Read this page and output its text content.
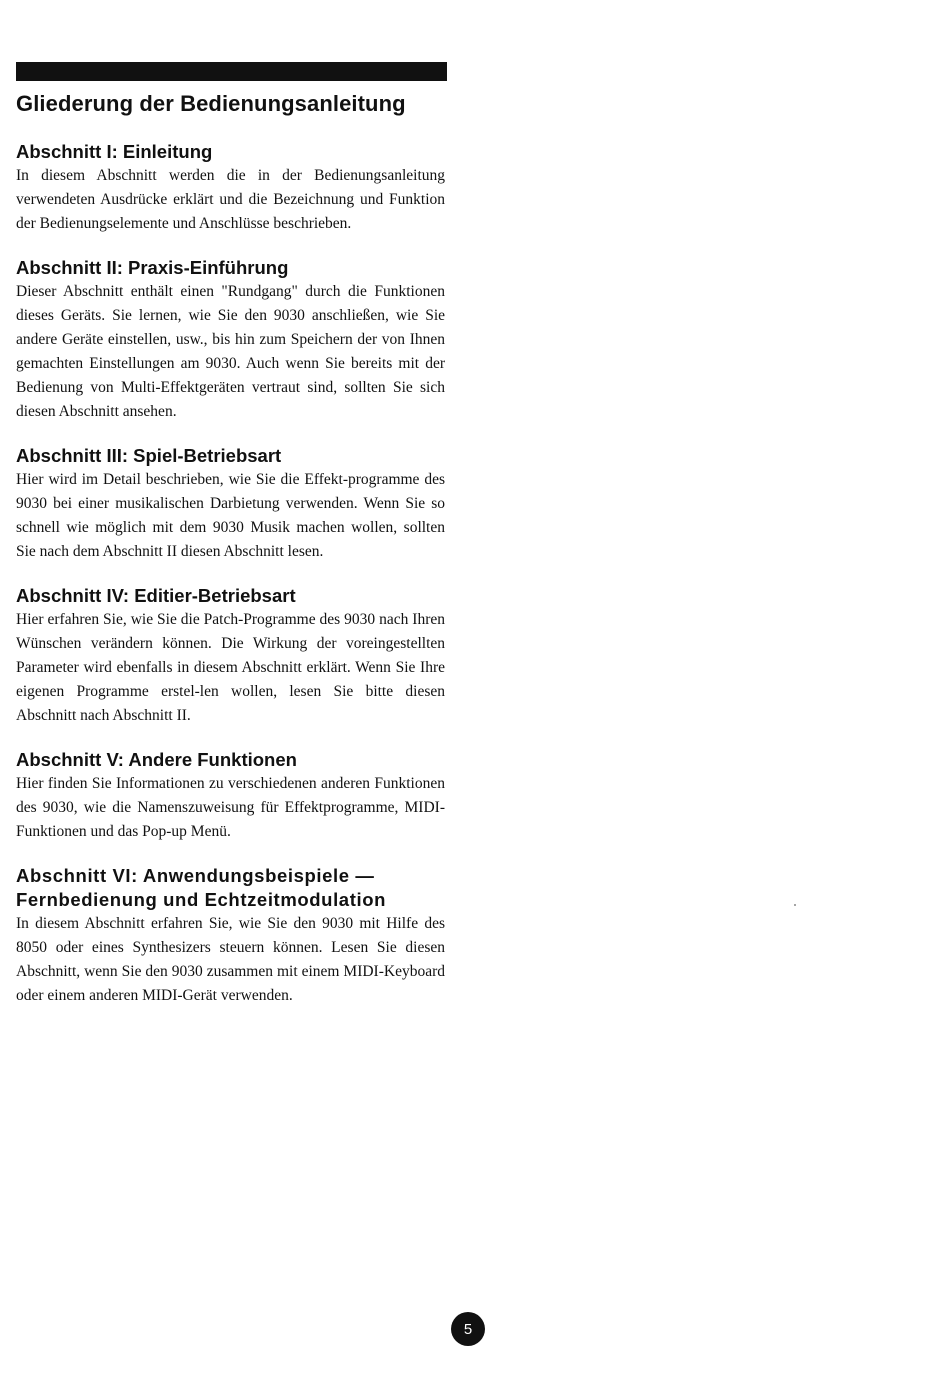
Gliederung der Bedienungsanleitung
Abschnitt I: Einleitung

In diesem Abschnitt werden die in der Bedienungsanleitung verwendeten Ausdrücke erklärt und die Bezeichnung und Funktion der Bedienungselemente und Anschlüsse beschrieben.

Abschnitt II: Praxis-Einführung

Dieser Abschnitt enthält einen "Rundgang" durch die Funktionen dieses Geräts. Sie lernen, wie Sie den 9030 anschließen, wie Sie andere Geräte einstellen, usw., bis hin zum Speichern der von Ihnen gemachten Einstellungen am 9030. Auch wenn Sie bereits mit der Bedienung von Multi-Effektgeräten vertraut sind, sollten Sie sich diesen Abschnitt ansehen.

Abschnitt III: Spiel-Betriebsart

Hier wird im Detail beschrieben, wie Sie die Effekt-programme des 9030 bei einer musikalischen Darbietung verwenden. Wenn Sie so schnell wie möglich mit dem 9030 Musik machen wollen, sollten Sie nach dem Abschnitt II diesen Abschnitt lesen.

Abschnitt IV: Editier-Betriebsart

Hier erfahren Sie, wie Sie die Patch-Programme des 9030 nach Ihren Wünschen verändern können. Die Wirkung der voreingestellten Parameter wird ebenfalls in diesem Abschnitt erklärt. Wenn Sie Ihre eigenen Programme erstel-len wollen, lesen Sie bitte diesen Abschnitt nach Abschnitt II.

Abschnitt V: Andere Funktionen

Hier finden Sie Informationen zu verschiedenen anderen Funktionen des 9030, wie die Namenszuweisung für Effektprogramme, MIDI-Funktionen und das Pop-up Menü.

Abschnitt VI: Anwendungsbeispiele —
Fernbedienung und Echtzeitmodulation

In diesem Abschnitt erfahren Sie, wie Sie den 9030 mit Hilfe des 8050 oder eines Synthesizers steuern können. Lesen Sie diesen Abschnitt, wenn Sie den 9030 zusammen mit einem MIDI-Keyboard oder einem anderen MIDI-Gerät verwenden.

5
